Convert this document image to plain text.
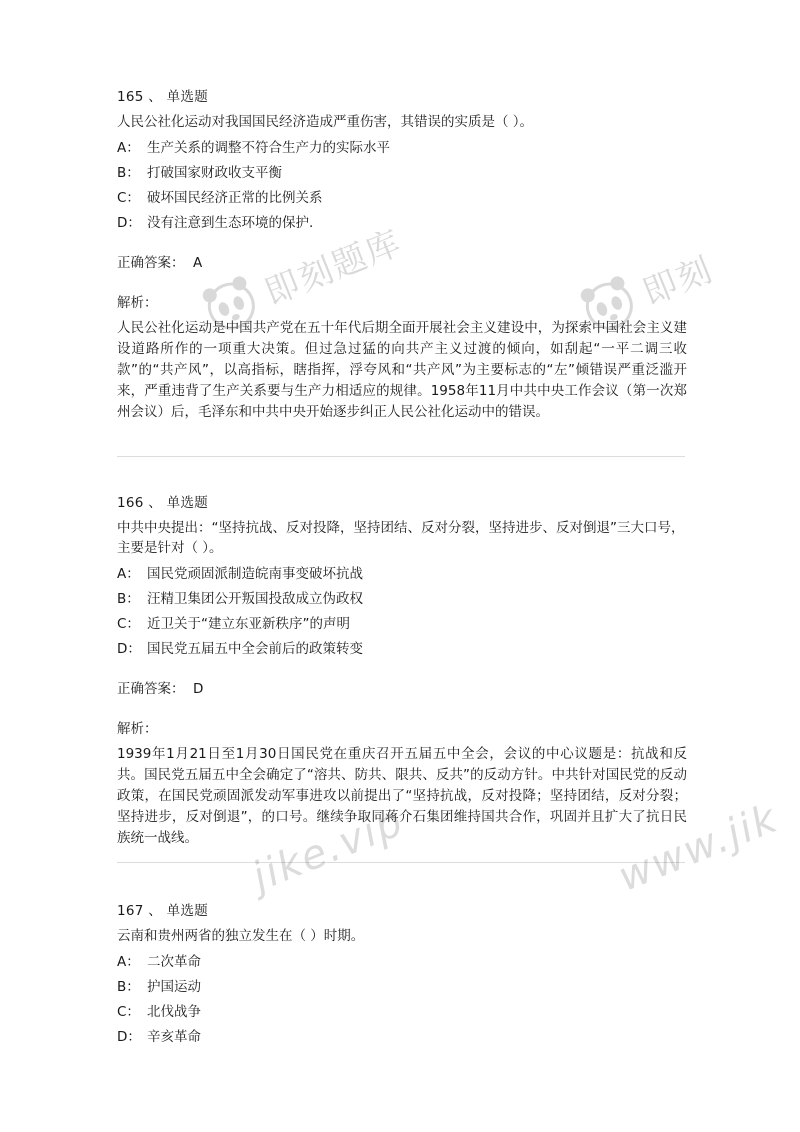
165 、 单选题
人民公社化运动对我国国民经济造成严重伤害，其错误的实质是（ ）。
A： 生产关系的调整不符合生产力的实际水平
B： 打破国家财政收支平衡
C： 破坏国民经济正常的比例关系
D： 没有注意到生态环境的保护.
正确答案： A
解析：
人民公社化运动是中国共产党在五十年代后期全面开展社会主义建设中，为探索中国社会主义建设道路所作的一项重大决策。但过急过猛的向共产主义过渡的倾向，如刮起“一平二调三收款”的“共产风”，以高指标，瞎指挥，浮夸风和“共产风”为主要标志的“左”倾错误严重泛滥开来，严重违背了生产关系要与生产力相适应的规律。1958年11月中共中央工作会议（第一次郑州会议）后，毛泽东和中共中央开始逐步纠正人民公社化运动中的错误。
166 、 单选题
中共中央提出：“坚持抗战、反对投降，坚持团结、反对分裂，坚持进步、反对倒退”三大口号，主要是针对（ ）。
A： 国民党顽固派制造皖南事变破坏抗战
B： 汪精卫集团公开叛国投敌成立伪政权
C： 近卫关于“建立东亚新秩序”的声明
D： 国民党五届五中全会前后的政策转变
正确答案： D
解析：
1939年1月21日至1月30日国民党在重庆召开五届五中全会，会议的中心议题是：抗战和反共。国民党五届五中全会确定了“溶共、防共、限共、反共”的反动方针。中共针对国民党的反动政策，在国民党顽固派发动军事进攻以前提出了“坚持抗战，反对投降；坚持团结，反对分裂；坚持进步，反对倒退”，的口号。继续争取同蒋介石集团维持国共合作，巩固并且扩大了抗日民族统一战线。
167 、 单选题
云南和贵州两省的独立发生在（ ）时期。
A： 二次革命
B： 护国运动
C： 北伐战争
D： 辛亥革命
即刻题库	即刻
jike.vip	www.jik
